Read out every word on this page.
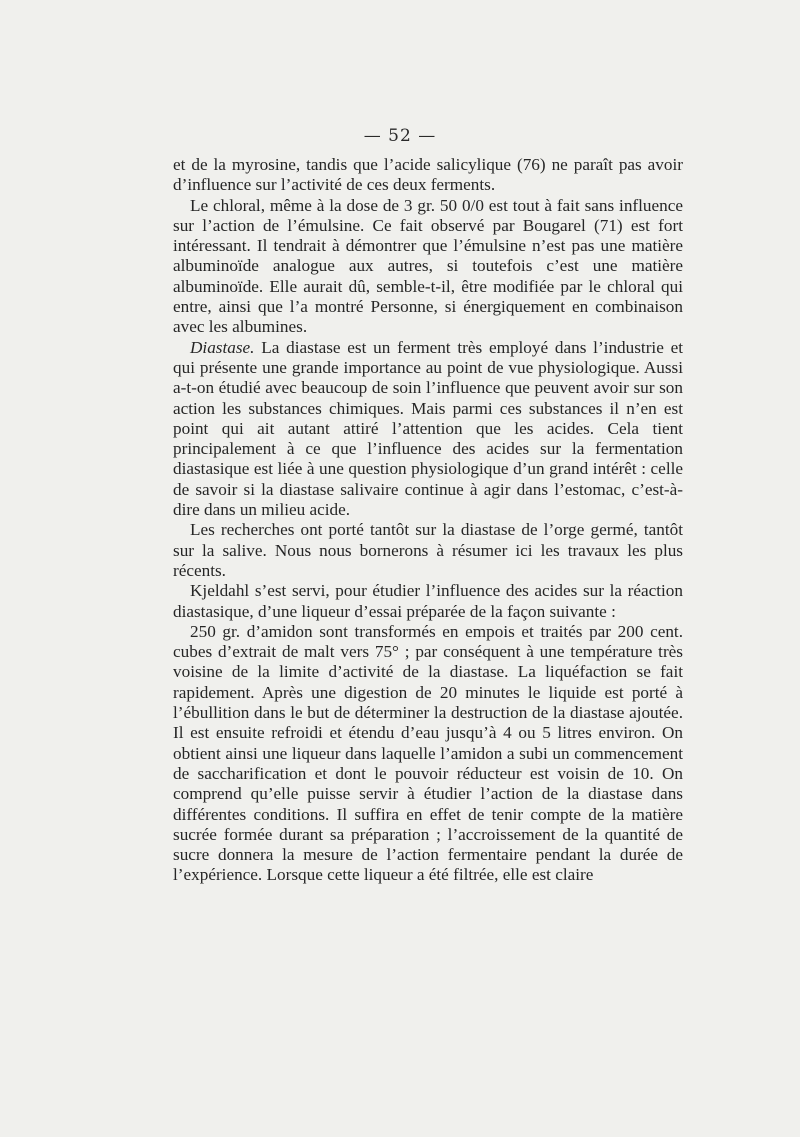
— 52 —

et de la myrosine, tandis que l’acide salicylique (76) ne paraît pas avoir d’influence sur l’activité de ces deux ferments.

Le chloral, même à la dose de 3 gr. 50 0/0 est tout à fait sans influence sur l’action de l’émulsine. Ce fait observé par Bougarel (71) est fort intéressant. Il tendrait à démontrer que l’émulsine n’est pas une matière albuminoïde analogue aux autres, si toutefois c’est une matière albuminoïde. Elle aurait dû, semble-t-il, être modifiée par le chloral qui entre, ainsi que l’a montré Personne, si énergiquement en combinaison avec les albumines.

Diastase. La diastase est un ferment très employé dans l’industrie et qui présente une grande importance au point de vue physiologique. Aussi a-t-on étudié avec beaucoup de soin l’influence que peuvent avoir sur son action les substances chimiques. Mais parmi ces substances il n’en est point qui ait autant attiré l’attention que les acides. Cela tient principalement à ce que l’influence des acides sur la fermentation diastasique est liée à une question physiologique d’un grand intérêt : celle de savoir si la diastase salivaire continue à agir dans l’estomac, c’est-à-dire dans un milieu acide.

Les recherches ont porté tantôt sur la diastase de l’orge germé, tantôt sur la salive. Nous nous bornerons à résumer ici les travaux les plus récents.

Kjeldahl s’est servi, pour étudier l’influence des acides sur la réaction diastasique, d’une liqueur d’essai préparée de la façon suivante :

250 gr. d’amidon sont transformés en empois et traités par 200 cent. cubes d’extrait de malt vers 75° ; par conséquent à une température très voisine de la limite d’activité de la diastase. La liquéfaction se fait rapidement. Après une digestion de 20 minutes le liquide est porté à l’ébullition dans le but de déterminer la destruction de la diastase ajoutée. Il est ensuite refroidi et étendu d’eau jusqu’à 4 ou 5 litres environ. On obtient ainsi une liqueur dans laquelle l’amidon a subi un commencement de saccharification et dont le pouvoir réducteur est voisin de 10. On comprend qu’elle puisse servir à étudier l’action de la diastase dans différentes conditions. Il suffira en effet de tenir compte de la matière sucrée formée durant sa préparation ; l’accroissement de la quantité de sucre donnera la mesure de l’action fermentaire pendant la durée de l’expérience. Lorsque cette liqueur a été filtrée, elle est claire
